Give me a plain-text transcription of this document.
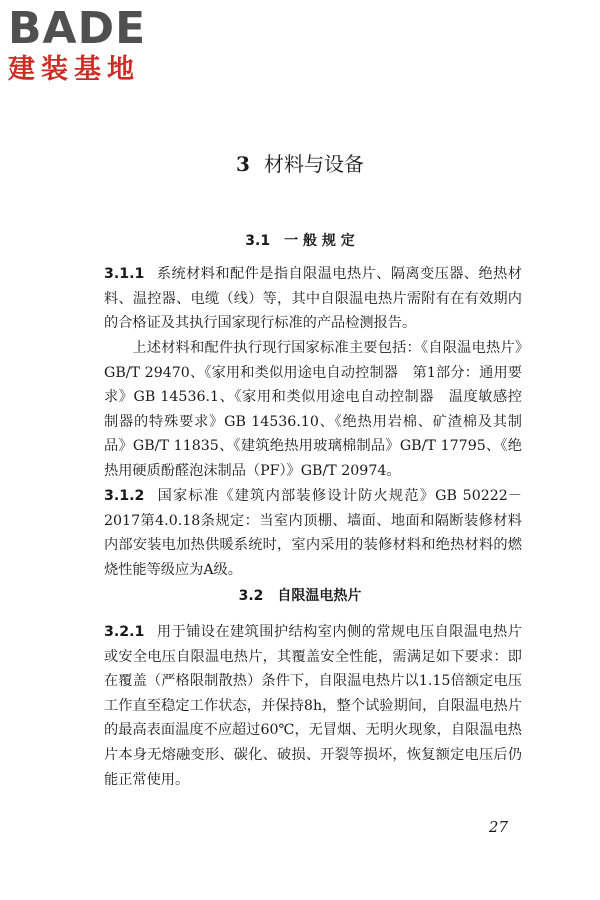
BADE
建装基地
3 材料与设备
3.1 一 般 规 定
3.1.1 系统材料和配件是指自限温电热片、隔离变压器、绝热材料、温控器、电缆（线）等，其中自限温电热片需附有在有效期内的合格证及其执行国家现行标准的产品检测报告。
上述材料和配件执行现行国家标准主要包括：《自限温电热片》GB/T 29470、《家用和类似用途电自动控制器　第1部分：通用要求》GB 14536.1、《家用和类似用途电自动控制器　温度敏感控制器的特殊要求》GB 14536.10、《绝热用岩棉、矿渣棉及其制品》GB/T 11835、《建筑绝热用玻璃棉制品》GB/T 17795、《绝热用硬质酚醛泡沫制品（PF）》GB/T 20974。
3.1.2 国家标准《建筑内部装修设计防火规范》GB 50222－2017第4.0.18条规定：当室内顶棚、墙面、地面和隔断装修材料内部安装电加热供暖系统时，室内采用的装修材料和绝热材料的燃烧性能等级应为A级。
3.2 自限温电热片
3.2.1 用于铺设在建筑围护结构室内侧的常规电压自限温电热片或安全电压自限温电热片，其覆盖安全性能，需满足如下要求：即在覆盖（严格限制散热）条件下，自限温电热片以1.15倍额定电压工作直至稳定工作状态，并保持8h，整个试验期间，自限温电热片的最高表面温度不应超过60℃，无冒烟、无明火现象，自限温电热片本身无熔融变形、碳化、破损、开裂等损坏，恢复额定电压后仍能正常使用。
27
